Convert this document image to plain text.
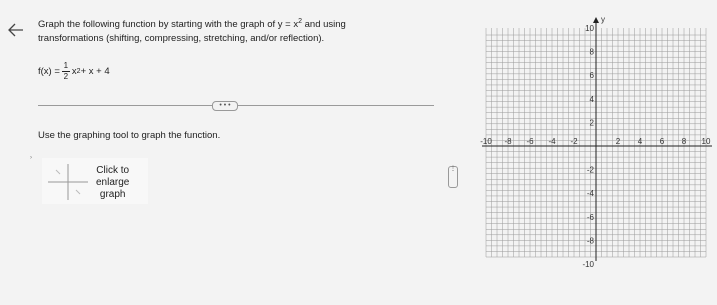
Graph the following function by starting with the graph of $y = x^2$ and using
transformations (shifting, compressing, stretching, and/or reflection).
$f(x) = \frac{1}{2}$ x 2 + x + 4
• • •
Use the graphing tool to graph the function.
›
Click to
enlarge
graph
⋮
y
-10 -8 -6 -4 -2	2 4 6 8 10
10
8
6
4
2
-2
-4
-6
-8
-10
